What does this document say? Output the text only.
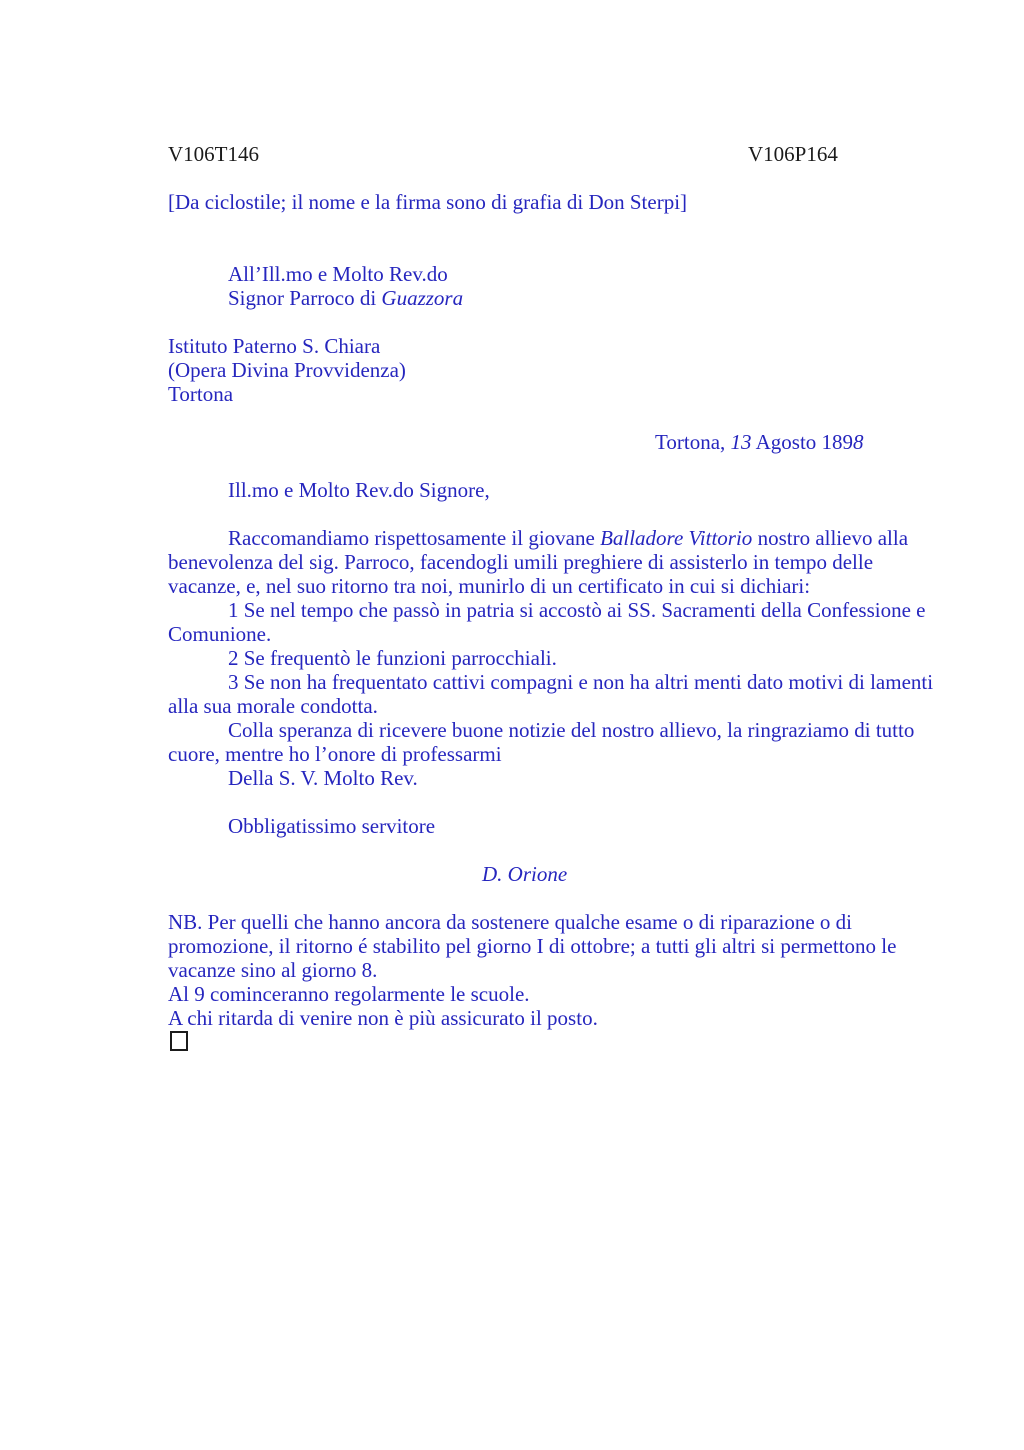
V106T146	V106P164
[Da ciclostile; il nome e la firma sono di grafia di Don Sterpi]
All’Ill.mo e Molto Rev.do
Signor Parroco di Guazzora
Istituto Paterno S. Chiara
(Opera Divina Provvidenza)
Tortona
Tortona, 13 Agosto 1898
Ill.mo e Molto Rev.do Signore,
Raccomandiamo rispettosamente il giovane Balladore Vittorio nostro allievo alla
benevolenza del sig. Parroco, facendogli umili preghiere di assisterlo in tempo delle
vacanze, e, nel suo ritorno tra noi, munirlo di un certificato in cui si dichiari:
1 Se nel tempo che passò in patria si accostò ai SS. Sacramenti della Confessione e
Comunione.
2 Se frequentò le funzioni parrocchiali.
3 Se non ha frequentato cattivi compagni e non ha altri menti dato motivi di lamenti
alla sua morale condotta.
Colla speranza di ricevere buone notizie del nostro allievo, la ringraziamo di tutto
cuore, mentre ho l’onore di professarmi
Della S. V. Molto Rev.
Obbligatissimo servitore
D. Orione
NB. Per quelli che hanno ancora da sostenere qualche esame o di riparazione o di
promozione, il ritorno é stabilito pel giorno I di ottobre; a tutti gli altri si permettono le
vacanze sino al giorno 8.
Al 9 cominceranno regolarmente le scuole.
A chi ritarda di venire non è più assicurato il posto.
